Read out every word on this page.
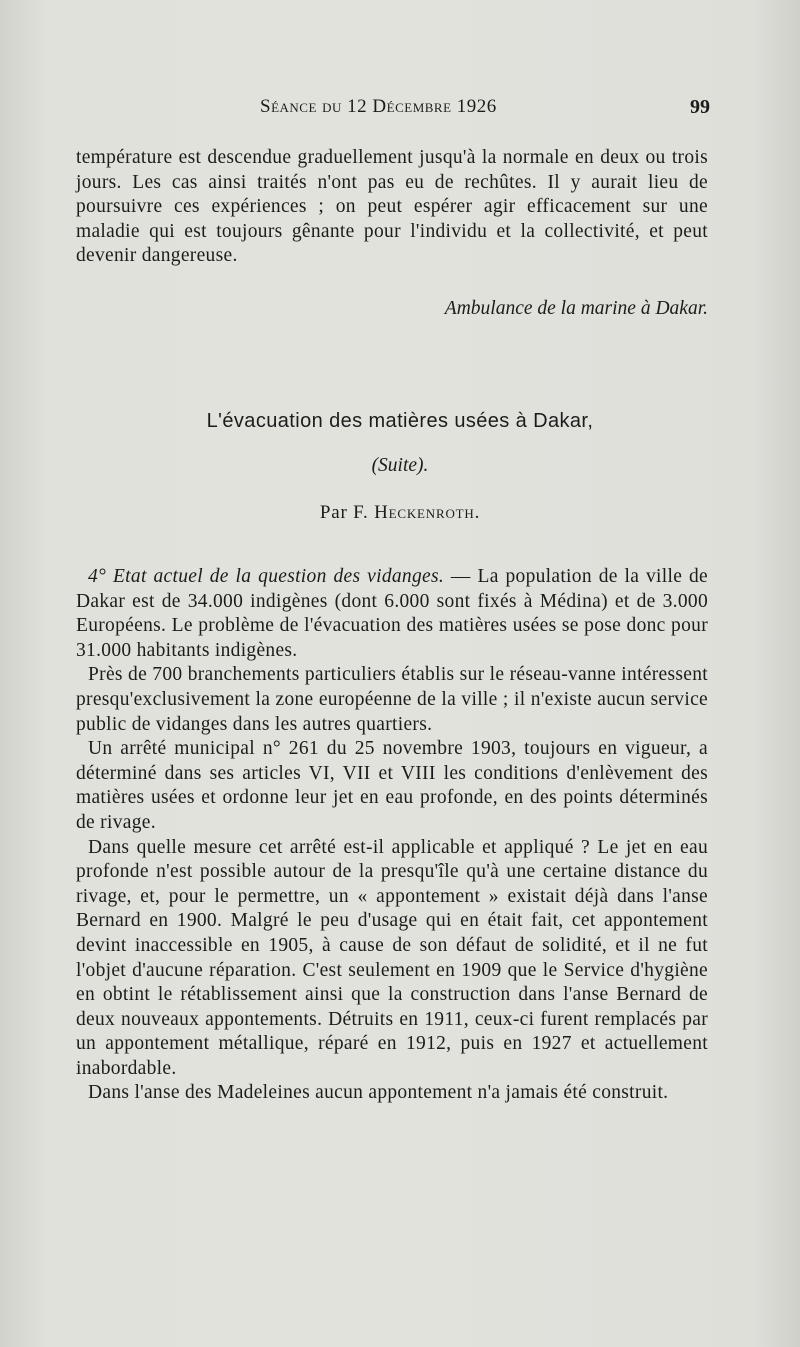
Séance du 12 Décembre 1926	99

température est descendue graduellement jusqu'à la normale en deux ou trois jours. Les cas ainsi traités n'ont pas eu de rechûtes. Il y aurait lieu de poursuivre ces expériences ; on peut espérer agir efficacement sur une maladie qui est toujours gênante pour l'individu et la collectivité, et peut devenir dangereuse.

Ambulance de la marine à Dakar.
L'évacuation des matières usées à Dakar,
(Suite).
Par F. Heckenroth.

4° Etat actuel de la question des vidanges. — La population de la ville de Dakar est de 34.000 indigènes (dont 6.000 sont fixés à Médina) et de 3.000 Européens. Le problème de l'évacuation des matières usées se pose donc pour 31.000 habitants indigènes.

Près de 700 branchements particuliers établis sur le réseau-vanne intéressent presqu'exclusivement la zone européenne de la ville ; il n'existe aucun service public de vidanges dans les autres quartiers.

Un arrêté municipal n° 261 du 25 novembre 1903, toujours en vigueur, a déterminé dans ses articles VI, VII et VIII les conditions d'enlèvement des matières usées et ordonne leur jet en eau profonde, en des points déterminés de rivage.

Dans quelle mesure cet arrêté est-il applicable et appliqué ? Le jet en eau profonde n'est possible autour de la presqu'île qu'à une certaine distance du rivage, et, pour le permettre, un « appontement » existait déjà dans l'anse Bernard en 1900. Malgré le peu d'usage qui en était fait, cet appontement devint inaccessible en 1905, à cause de son défaut de solidité, et il ne fut l'objet d'aucune réparation. C'est seulement en 1909 que le Service d'hygiène en obtint le rétablissement ainsi que la construction dans l'anse Bernard de deux nouveaux appontements. Détruits en 1911, ceux-ci furent remplacés par un appontement métallique, réparé en 1912, puis en 1927 et actuellement inabordable.

Dans l'anse des Madeleines aucun appontement n'a jamais été construit.
